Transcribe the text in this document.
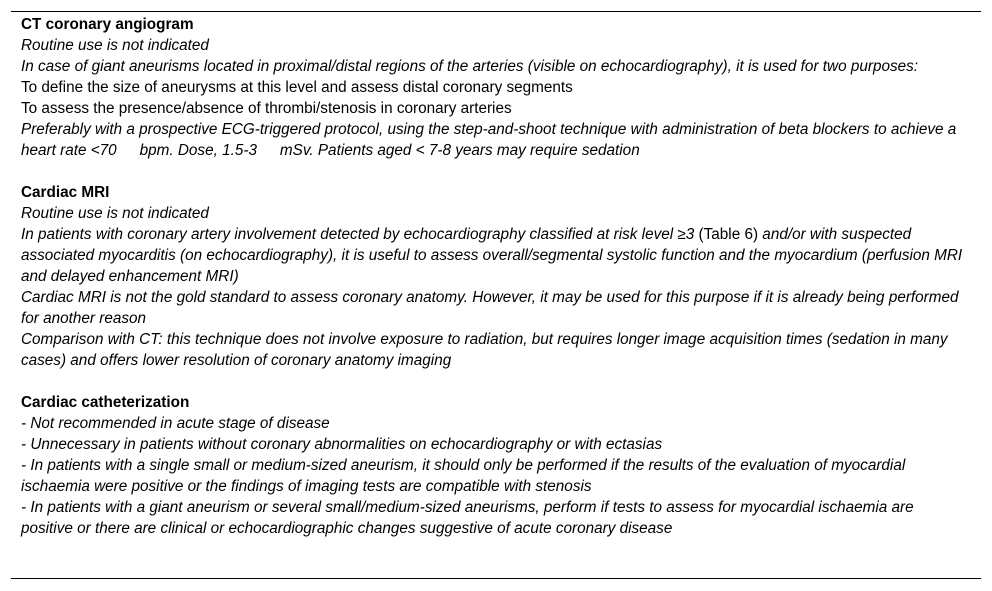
CT coronary angiogram

Routine use is not indicated

In case of giant aneurisms located in proximal/distal regions of the arteries (visible on echocardiography), it is used for two purposes:

To define the size of aneurysms at this level and assess distal coronary segments

To assess the presence/absence of thrombi/stenosis in coronary arteries

Preferably with a prospective ECG-triggered protocol, using the step-and-shoot technique with administration of beta blockers to achieve a heart rate <70   bpm. Dose, 1.5-3   mSv. Patients aged < 7-8 years may require sedation

Cardiac MRI

Routine use is not indicated

In patients with coronary artery involvement detected by echocardiography classified at risk level ≥3 (Table 6) and/or with suspected associated myocarditis (on echocardiography), it is useful to assess overall/segmental systolic function and the myocardium (perfusion MRI and delayed enhancement MRI)

Cardiac MRI is not the gold standard to assess coronary anatomy. However, it may be used for this purpose if it is already being performed for another reason

Comparison with CT: this technique does not involve exposure to radiation, but requires longer image acquisition times (sedation in many cases) and offers lower resolution of coronary anatomy imaging

Cardiac catheterization

- Not recommended in acute stage of disease

- Unnecessary in patients without coronary abnormalities on echocardiography or with ectasias

- In patients with a single small or medium-sized aneurism, it should only be performed if the results of the evaluation of myocardial ischaemia were positive or the findings of imaging tests are compatible with stenosis

- In patients with a giant aneurism or several small/medium-sized aneurisms, perform if tests to assess for myocardial ischaemia are positive or there are clinical or echocardiographic changes suggestive of acute coronary disease
